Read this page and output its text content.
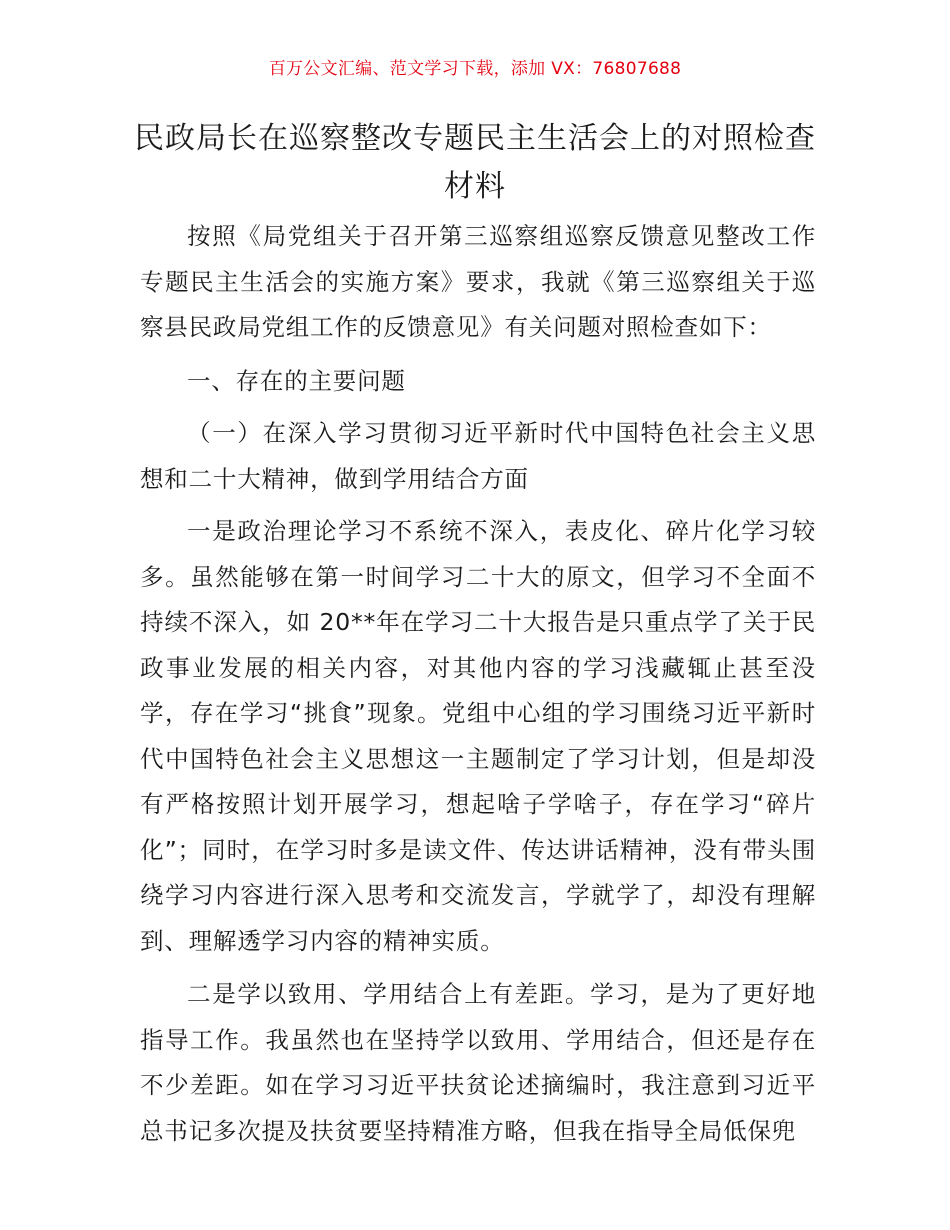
百万公文汇编、范文学习下载，添加 VX：76807688
民政局长在巡察整改专题民主生活会上的对照检查材料

按照《局党组关于召开第三巡察组巡察反馈意见整改工作专题民主生活会的实施方案》要求，我就《第三巡察组关于巡察县民政局党组工作的反馈意见》有关问题对照检查如下：

一、存在的主要问题

（一）在深入学习贯彻习近平新时代中国特色社会主义思想和二十大精神，做到学用结合方面

一是政治理论学习不系统不深入，表皮化、碎片化学习较多。虽然能够在第一时间学习二十大的原文，但学习不全面不持续不深入，如 20**年在学习二十大报告是只重点学了关于民政事业发展的相关内容，对其他内容的学习浅藏辄止甚至没学，存在学习“挑食”现象。党组中心组的学习围绕习近平新时代中国特色社会主义思想这一主题制定了学习计划，但是却没有严格按照计划开展学习，想起啥子学啥子，存在学习“碎片化”；同时，在学习时多是读文件、传达讲话精神，没有带头围绕学习内容进行深入思考和交流发言，学就学了，却没有理解到、理解透学习内容的精神实质。

二是学以致用、学用结合上有差距。学习，是为了更好地指导工作。我虽然也在坚持学以致用、学用结合，但还是存在不少差距。如在学习习近平扶贫论述摘编时，我注意到习近平总书记多次提及扶贫要坚持精准方略，但我在指导全局低保兜
